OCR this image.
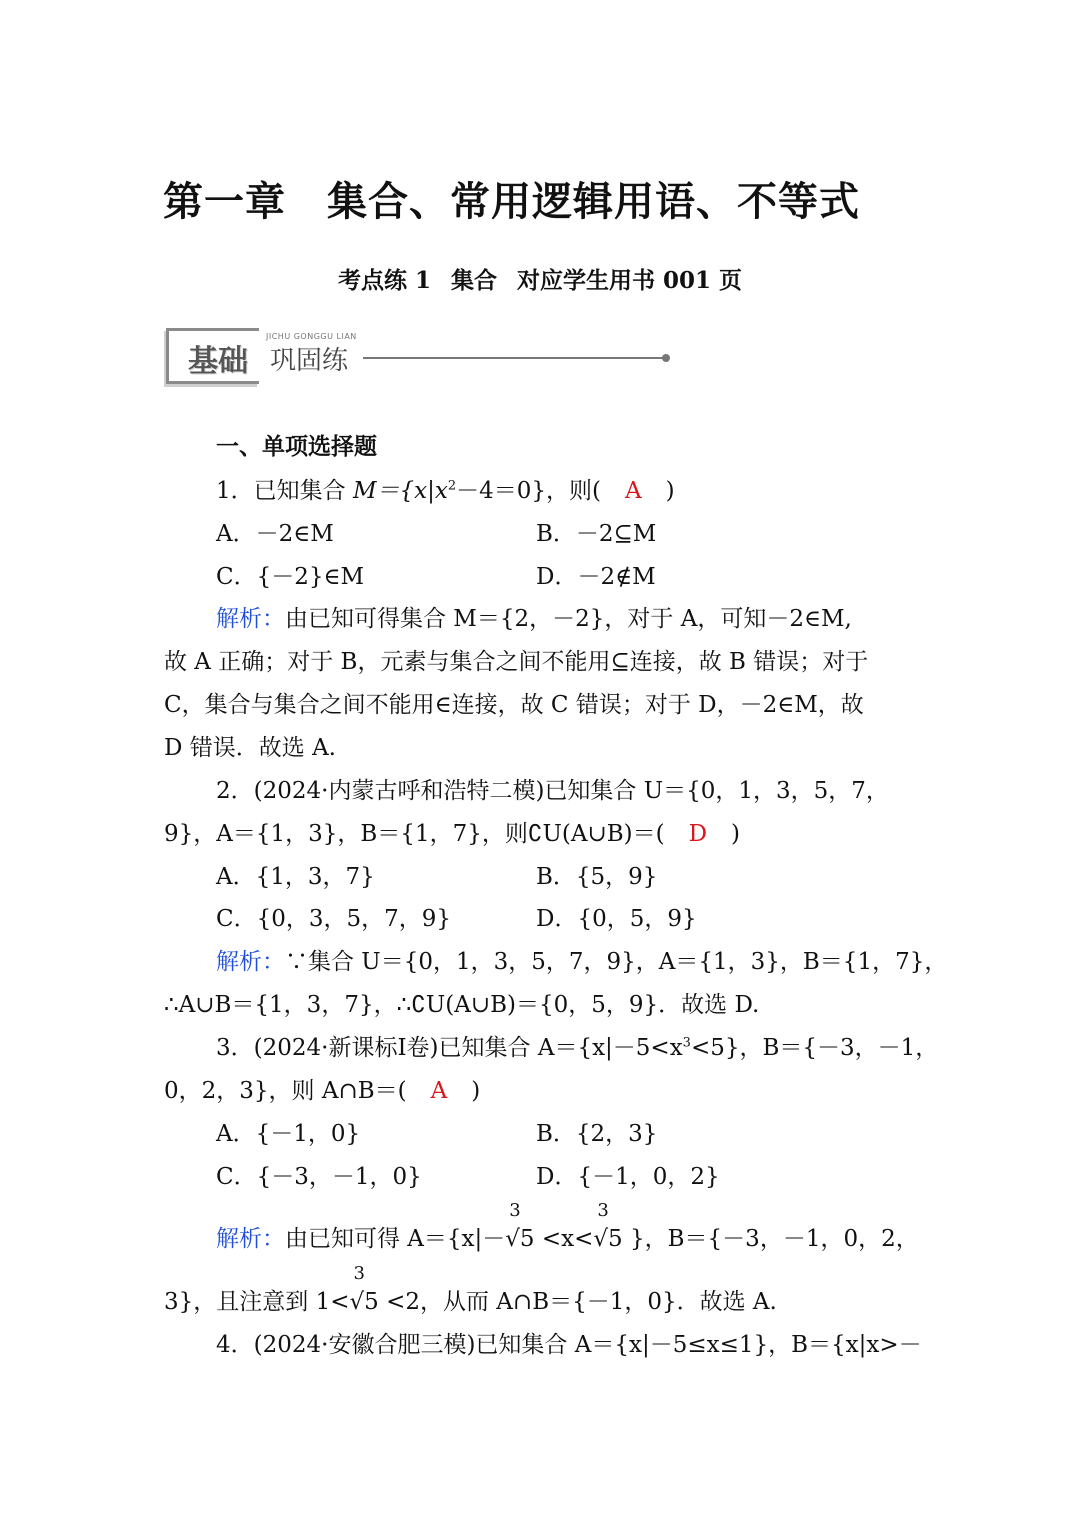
第一章　集合、常用逻辑用语、不等式
考点练 1 集合 对应学生用书 001 页
基础
JICHU GONGGU LIAN
巩固练
一、单项选择题
1．已知集合 $M=\{x|x^2-4=0\}$，则( A )
A．－2∈M	B．－2⊆M
C．{－2}∈M	D．－2∉M
解析：由已知可得集合 M＝{2，－2}，对于 A，可知－2∈M,
故 A 正确；对于 B，元素与集合之间不能用⊆连接，故 B 错误；对于
C，集合与集合之间不能用∈连接，故 C 错误；对于 D，－2∈M，故
D 错误．故选 A.
2．(2024·内蒙古呼和浩特二模)已知集合 U＝{0，1，3，5，7，
9}，A＝{1，3}，B＝{1，7}，则∁U(A∪B)＝( D )
A．{1，3，7}	B．{5，9}
C．{0，3，5，7，9}	D．{0，5，9}
解析：∵集合 U＝{0，1，3，5，7，9}，A＝{1，3}，B＝{1，7}，
∴A∪B＝{1，3，7}，∴∁U(A∪B)＝{0，5，9}．故选 D.
3．(2024·新课标Ⅰ卷)已知集合 $A=\{x|-5<x^3<5\}$，B＝{－3，－1，
0，2，3}，则 A∩B＝( A )
A．{－1，0}	B．{2，3}
C．{－3，－1，0}	D．{－1，0，2}
解析：由已知可得 A＝{x|－
3
√5 <x<
3
√5 }，B＝{－3，－1，0，2，
3}，且注意到 1<
3
√5 <2，从而 A∩B＝{－1，0}．故选 A.
4．(2024·安徽合肥三模)已知集合 A＝{x|－5≤x≤1}，B＝{x|x>－
